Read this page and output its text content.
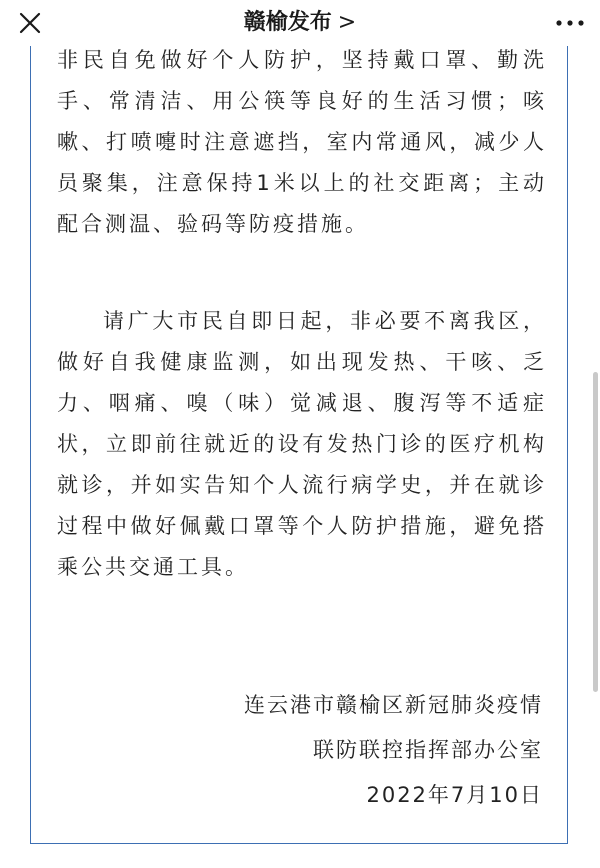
非民自免做好个人防护，坚持戴口罩、勤洗手、常清洁、用公筷等良好的生活习惯；咳嗽、打喷嚏时注意遮挡，室内常通风，减少人员聚集，注意保持1米以上的社交距离；主动配合测温、验码等防疫措施。

请广大市民自即日起，非必要不离我区，做好自我健康监测，如出现发热、干咳、乏力、咽痛、嗅（味）觉减退、腹泻等不适症状，立即前往就近的设有发热门诊的医疗机构就诊，并如实告知个人流行病学史，并在就诊过程中做好佩戴口罩等个人防护措施，避免搭乘公共交通工具。

连云港市赣榆区新冠肺炎疫情
联防联控指挥部办公室
2022年7月10日
赣榆发布 >
